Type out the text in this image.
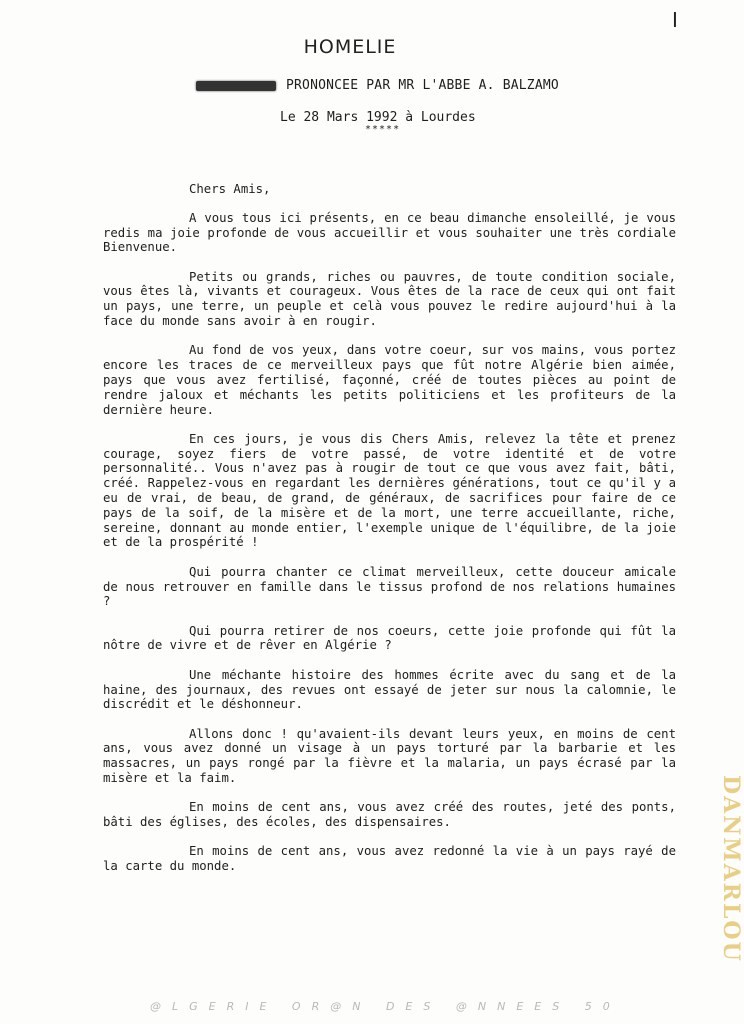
I
HOMELIE
PRONONCEE PAR MR L'ABBE A. BALZAMO
Le 28 Mars 1992 à Lourdes
*****

Chers Amis,

A vous tous ici présents, en ce beau dimanche ensoleillé, je vous redis ma joie profonde de vous accueillir et vous souhaiter une très cordiale Bienvenue.

Petits ou grands, riches ou pauvres, de toute condition sociale, vous êtes là, vivants et courageux. Vous êtes de la race de ceux qui ont fait un pays, une terre, un peuple et celà vous pouvez le redire aujourd'hui à la face du monde sans avoir à en rougir.

Au fond de vos yeux, dans votre coeur, sur vos mains, vous portez encore les traces de ce merveilleux pays que fût notre Algérie bien aimée, pays que vous avez fertilisé, façonné, créé de toutes pièces au point de rendre jaloux et méchants les petits politiciens et les profiteurs de la dernière heure.

En ces jours, je vous dis Chers Amis, relevez la tête et prenez courage, soyez fiers de votre passé, de votre identité et de votre personnalité.. Vous n'avez pas à rougir de tout ce que vous avez fait, bâti, créé. Rappelez-vous en regardant les dernières générations, tout ce qu'il y a eu de vrai, de beau, de grand, de généraux, de sacrifices pour faire de ce pays de la soif, de la misère et de la mort, une terre accueillante, riche, sereine, donnant au monde entier, l'exemple unique de l'équilibre, de la joie et de la prospérité !

Qui pourra chanter ce climat merveilleux, cette douceur amicale de nous retrouver en famille dans le tissus profond de nos relations humaines ?

Qui pourra retirer de nos coeurs, cette joie profonde qui fût la nôtre de vivre et de rêver en Algérie ?

Une méchante histoire des hommes écrite avec du sang et de la haine, des journaux, des revues ont essayé de jeter sur nous la calomnie, le discrédit et le déshonneur.

Allons donc ! qu'avaient-ils devant leurs yeux, en moins de cent ans, vous avez donné un visage à un pays torturé par la barbarie et les massacres, un pays rongé par la fièvre et la malaria, un pays écrasé par la misère et la faim.

En moins de cent ans, vous avez créé des routes, jeté des ponts, bâti des églises, des écoles, des dispensaires.

En moins de cent ans, vous avez redonné la vie à un pays rayé de la carte du monde.	DANMARLOU
@LGERIE OR@N DES @NNEES 50
